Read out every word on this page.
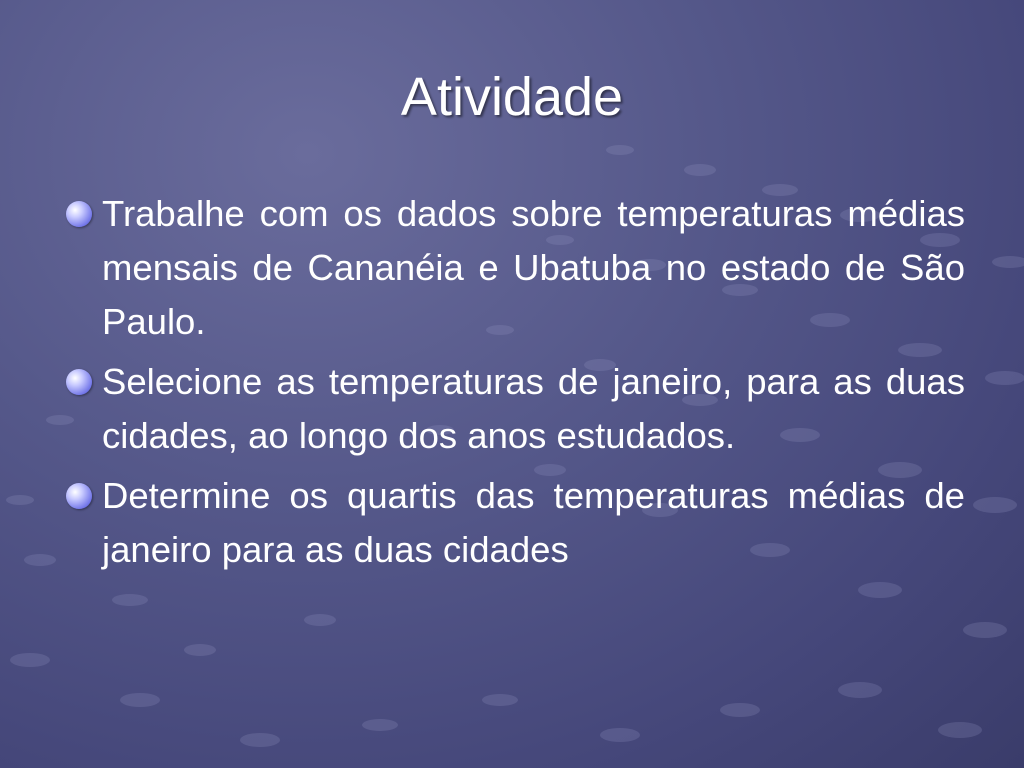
Atividade
Trabalhe com os dados sobre temperaturas médias mensais de Cananéia e Ubatuba no estado de São Paulo.
Selecione as temperaturas de janeiro, para as duas cidades, ao longo dos anos estudados.
Determine os quartis das temperaturas médias de janeiro para as duas cidades
